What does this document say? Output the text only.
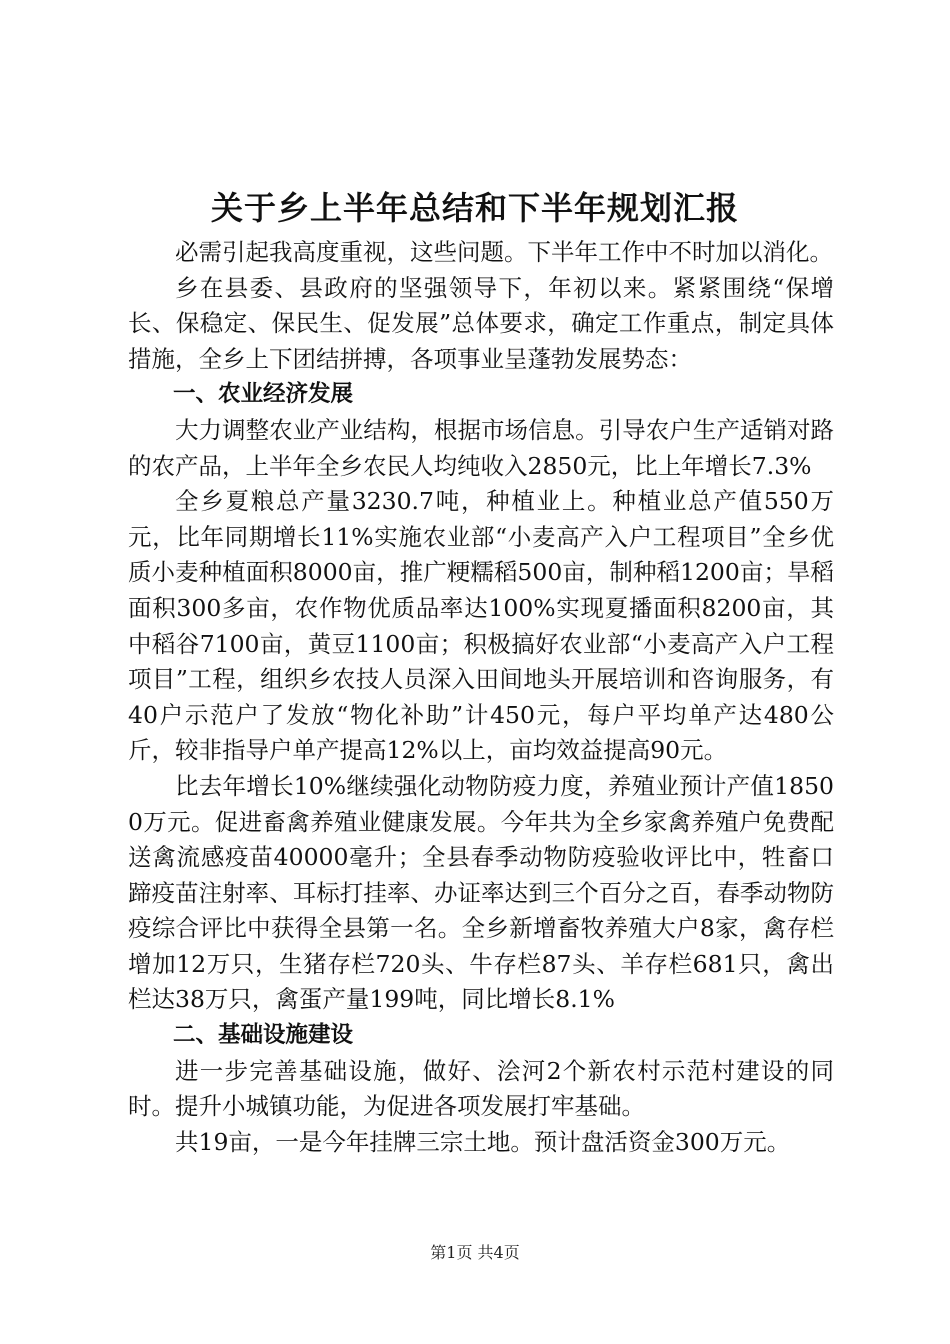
关于乡上半年总结和下半年规划汇报

必需引起我高度重视，这些问题。下半年工作中不时加以消化。

乡在县委、县政府的坚强领导下，年初以来。紧紧围绕“保增长、保稳定、保民生、促发展”总体要求，确定工作重点，制定具体措施，全乡上下团结拼搏，各项事业呈蓬勃发展势态：

一、农业经济发展

大力调整农业产业结构，根据市场信息。引导农户生产适销对路的农产品，上半年全乡农民人均纯收入2850元，比上年增长7.3%

全乡夏粮总产量3230.7吨，种植业上。种植业总产值550万元，比年同期增长11%实施农业部“小麦高产入户工程项目”全乡优质小麦种植面积8000亩，推广粳糯稻500亩，制种稻1200亩；旱稻面积300多亩，农作物优质品率达100%实现夏播面积8200亩，其中稻谷7100亩，黄豆1100亩；积极搞好农业部“小麦高产入户工程项目”工程，组织乡农技人员深入田间地头开展培训和咨询服务，有40户示范户了发放“物化补助”计450元，每户平均单产达480公斤，较非指导户单产提高12%以上，亩均效益提高90元。

比去年增长10%继续强化动物防疫力度，养殖业预计产值18500万元。促进畜禽养殖业健康发展。今年共为全乡家禽养殖户免费配送禽流感疫苗40000毫升；全县春季动物防疫验收评比中，牲畜口蹄疫苗注射率、耳标打挂率、办证率达到三个百分之百，春季动物防疫综合评比中获得全县第一名。全乡新增畜牧养殖大户8家，禽存栏增加12万只，生猪存栏720头、牛存栏87头、羊存栏681只，禽出栏达38万只，禽蛋产量199吨，同比增长8.1%

二、基础设施建设

进一步完善基础设施，做好、浍河2个新农村示范村建设的同时。提升小城镇功能，为促进各项发展打牢基础。

共19亩，一是今年挂牌三宗土地。预计盘活资金300万元。

第1页 共4页
